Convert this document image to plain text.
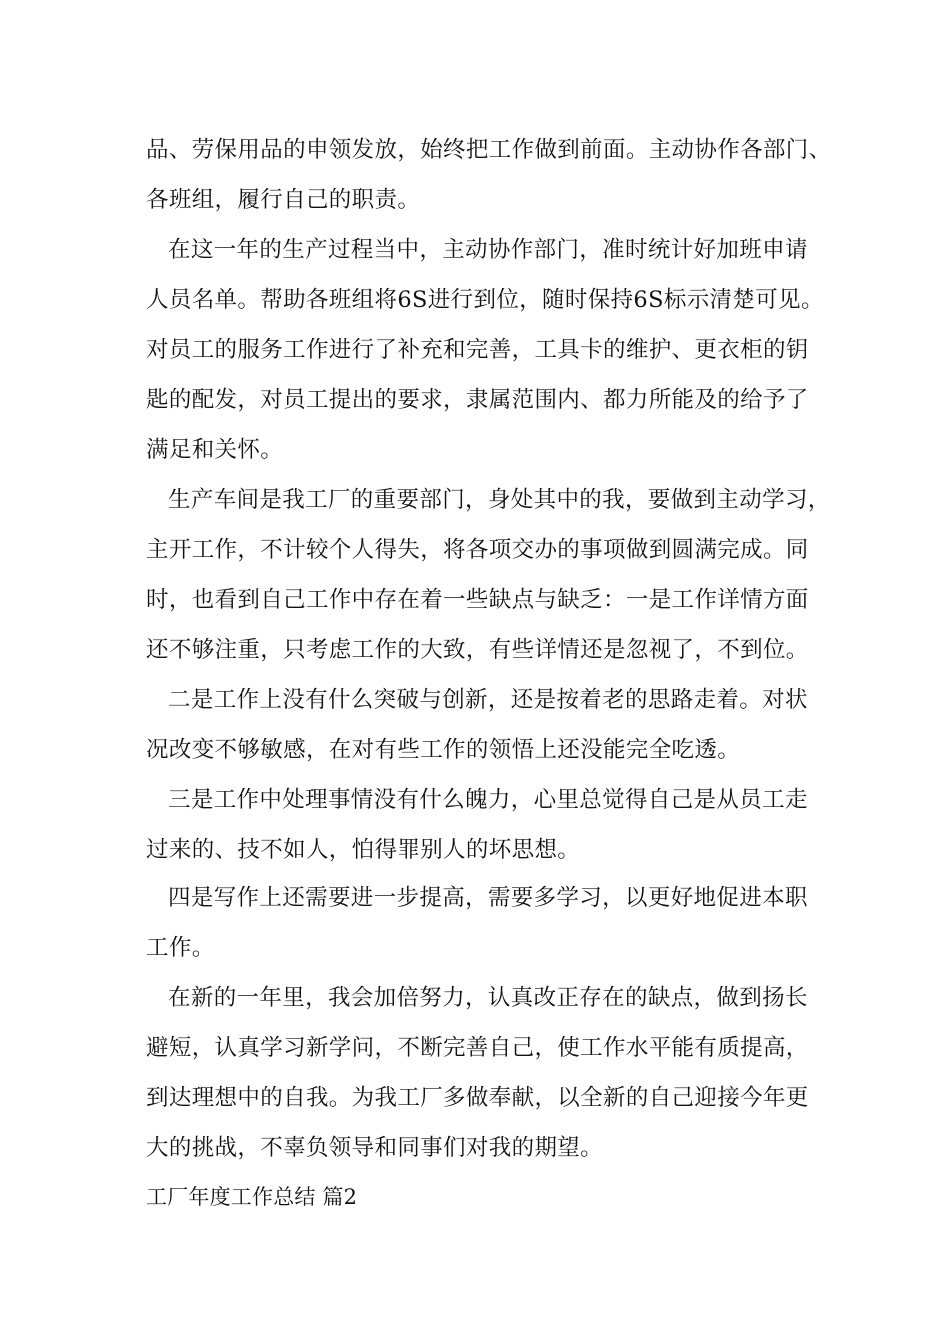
品、劳保用品的申领发放，始终把工作做到前面。主动协作各部门、
各班组，履行自己的职责。
在这一年的生产过程当中，主动协作部门，准时统计好加班申请
人员名单。帮助各班组将6S进行到位，随时保持6S标示清楚可见。
对员工的服务工作进行了补充和完善，工具卡的维护、更衣柜的钥
匙的配发，对员工提出的要求，隶属范围内、都力所能及的给予了
满足和关怀。
生产车间是我工厂的重要部门，身处其中的我，要做到主动学习，
主开工作，不计较个人得失，将各项交办的事项做到圆满完成。同
时，也看到自己工作中存在着一些缺点与缺乏：一是工作详情方面
还不够注重，只考虑工作的大致，有些详情还是忽视了，不到位。
二是工作上没有什么突破与创新，还是按着老的思路走着。对状
况改变不够敏感，在对有些工作的领悟上还没能完全吃透。
三是工作中处理事情没有什么魄力，心里总觉得自己是从员工走
过来的、技不如人，怕得罪别人的坏思想。
四是写作上还需要进一步提高，需要多学习，以更好地促进本职
工作。
在新的一年里，我会加倍努力，认真改正存在的缺点，做到扬长
避短，认真学习新学问，不断完善自己，使工作水平能有质提高，
到达理想中的自我。为我工厂多做奉献，以全新的自己迎接今年更
大的挑战，不辜负领导和同事们对我的期望。
工厂年度工作总结 篇2
